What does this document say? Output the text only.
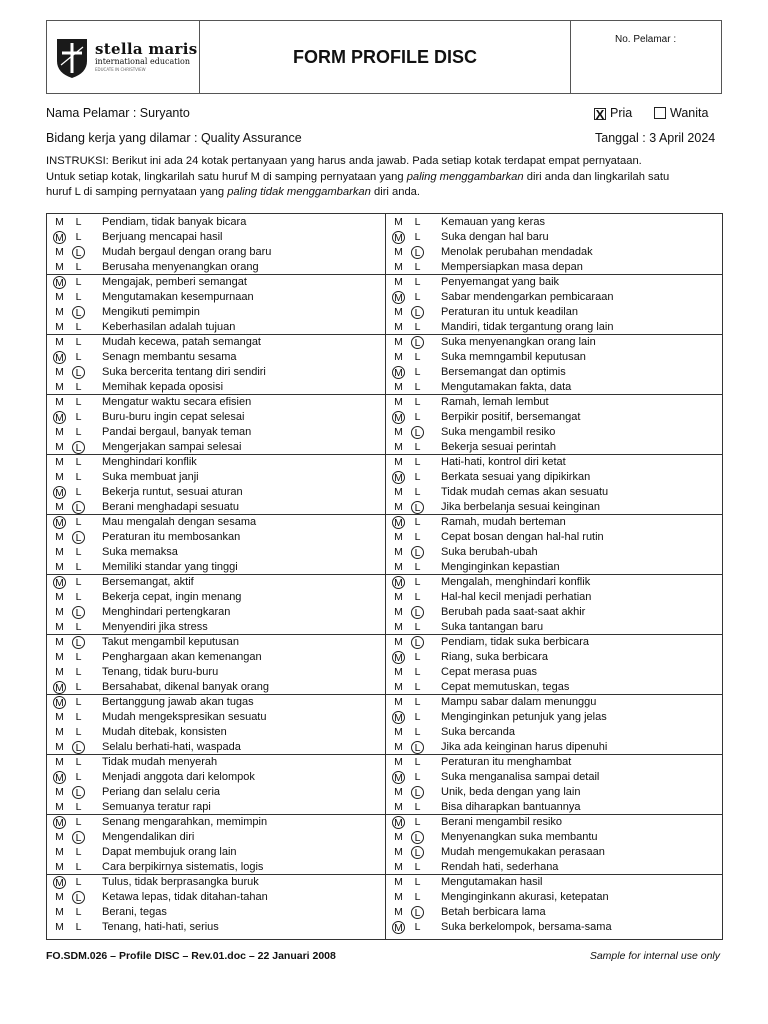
stella maris
international education
EDUCATE IN CHRISTVIEW
FORM PROFILE DISC
No. Pelamar :
Nama Pelamar : Suryanto
Bidang kerja yang dilamar : Quality Assurance
X Pria	Wanita
Tanggal : 3 April 2024
INSTRUKSI: Berikut ini ada 24 kotak pertanyaan yang harus anda jawab. Pada setiap kotak terdapat empat pernyataan.
Untuk setiap kotak, lingkarilah satu huruf M di samping pernyataan yang paling menggambarkan diri anda dan lingkarilah satu
huruf L di samping pernyataan yang paling tidak menggambarkan diri anda.
M	L	Pendiam, tidak banyak bicara
M	L	Berjuang mencapai hasil
M	L	Mudah bergaul dengan orang baru
M	L	Berusaha menyenangkan orang
M	L	Mengajak, pemberi semangat
M	L	Mengutamakan kesempurnaan
M	L	Mengikuti pemimpin
M	L	Keberhasilan adalah tujuan
M	L	Mudah kecewa, patah semangat
M	L	Senagn membantu sesama
M	L	Suka bercerita tentang diri sendiri
M	L	Memihak kepada oposisi
M	L	Mengatur waktu secara efisien
M	L	Buru-buru ingin cepat selesai
M	L	Pandai bergaul, banyak teman
M	L	Mengerjakan sampai selesai
M	L	Menghindari konflik
M	L	Suka membuat janji
M	L	Bekerja runtut, sesuai aturan
M	L	Berani menghadapi sesuatu
M	L	Mau mengalah dengan sesama
M	L	Peraturan itu membosankan
M	L	Suka memaksa
M	L	Memiliki standar yang tinggi
M	L	Bersemangat, aktif
M	L	Bekerja cepat, ingin menang
M	L	Menghindari pertengkaran
M	L	Menyendiri jika stress
M	L	Takut mengambil keputusan
M	L	Penghargaan akan kemenangan
M	L	Tenang, tidak buru-buru
M	L	Bersahabat, dikenal banyak orang
M	L	Bertanggung jawab akan tugas
M	L	Mudah mengekspresikan sesuatu
M	L	Mudah ditebak, konsisten
M	L	Selalu berhati-hati, waspada
M	L	Tidak mudah menyerah
M	L	Menjadi anggota dari kelompok
M	L	Periang dan selalu ceria
M	L	Semuanya teratur rapi
M	L	Senang mengarahkan, memimpin
M	L	Mengendalikan diri
M	L	Dapat membujuk orang lain
M	L	Cara berpikirnya sistematis, logis
M	L	Tulus, tidak berprasangka buruk
M	L	Ketawa lepas, tidak ditahan-tahan
M	L	Berani, tegas
M	L	Tenang, hati-hati, serius
M	L	Kemauan yang keras
M	L	Suka dengan hal baru
M	L	Menolak perubahan mendadak
M	L	Mempersiapkan masa depan
M	L	Penyemangat yang baik
M	L	Sabar mendengarkan pembicaraan
M	L	Peraturan itu untuk keadilan
M	L	Mandiri, tidak tergantung orang lain
M	L	Suka menyenangkan orang lain
M	L	Suka memngambil keputusan
M	L	Bersemangat dan optimis
M	L	Mengutamakan fakta, data
M	L	Ramah, lemah lembut
M	L	Berpikir positif, bersemangat
M	L	Suka mengambil resiko
M	L	Bekerja sesuai perintah
M	L	Hati-hati, kontrol diri ketat
M	L	Berkata sesuai yang dipikirkan
M	L	Tidak mudah cemas akan sesuatu
M	L	Jika berbelanja sesuai keinginan
M	L	Ramah, mudah berteman
M	L	Cepat bosan dengan hal-hal rutin
M	L	Suka berubah-ubah
M	L	Menginginkan kepastian
M	L	Mengalah, menghindari konflik
M	L	Hal-hal kecil menjadi perhatian
M	L	Berubah pada saat-saat akhir
M	L	Suka tantangan baru
M	L	Pendiam, tidak suka berbicara
M	L	Riang, suka berbicara
M	L	Cepat merasa puas
M	L	Cepat memutuskan, tegas
M	L	Mampu sabar dalam menunggu
M	L	Menginginkan petunjuk yang jelas
M	L	Suka bercanda
M	L	Jika ada keinginan harus dipenuhi
M	L	Peraturan itu menghambat
M	L	Suka menganalisa sampai detail
M	L	Unik, beda dengan yang lain
M	L	Bisa diharapkan bantuannya
M	L	Berani mengambil resiko
M	L	Menyenangkan suka membantu
M	L	Mudah mengemukakan perasaan
M	L	Rendah hati, sederhana
M	L	Mengutamakan hasil
M	L	Menginginkann akurasi, ketepatan
M	L	Betah berbicara lama
M	L	Suka berkelompok, bersama-sama
FO.SDM.026 – Profile DISC – Rev.01.doc – 22 Januari 2008	Sample for internal use only
